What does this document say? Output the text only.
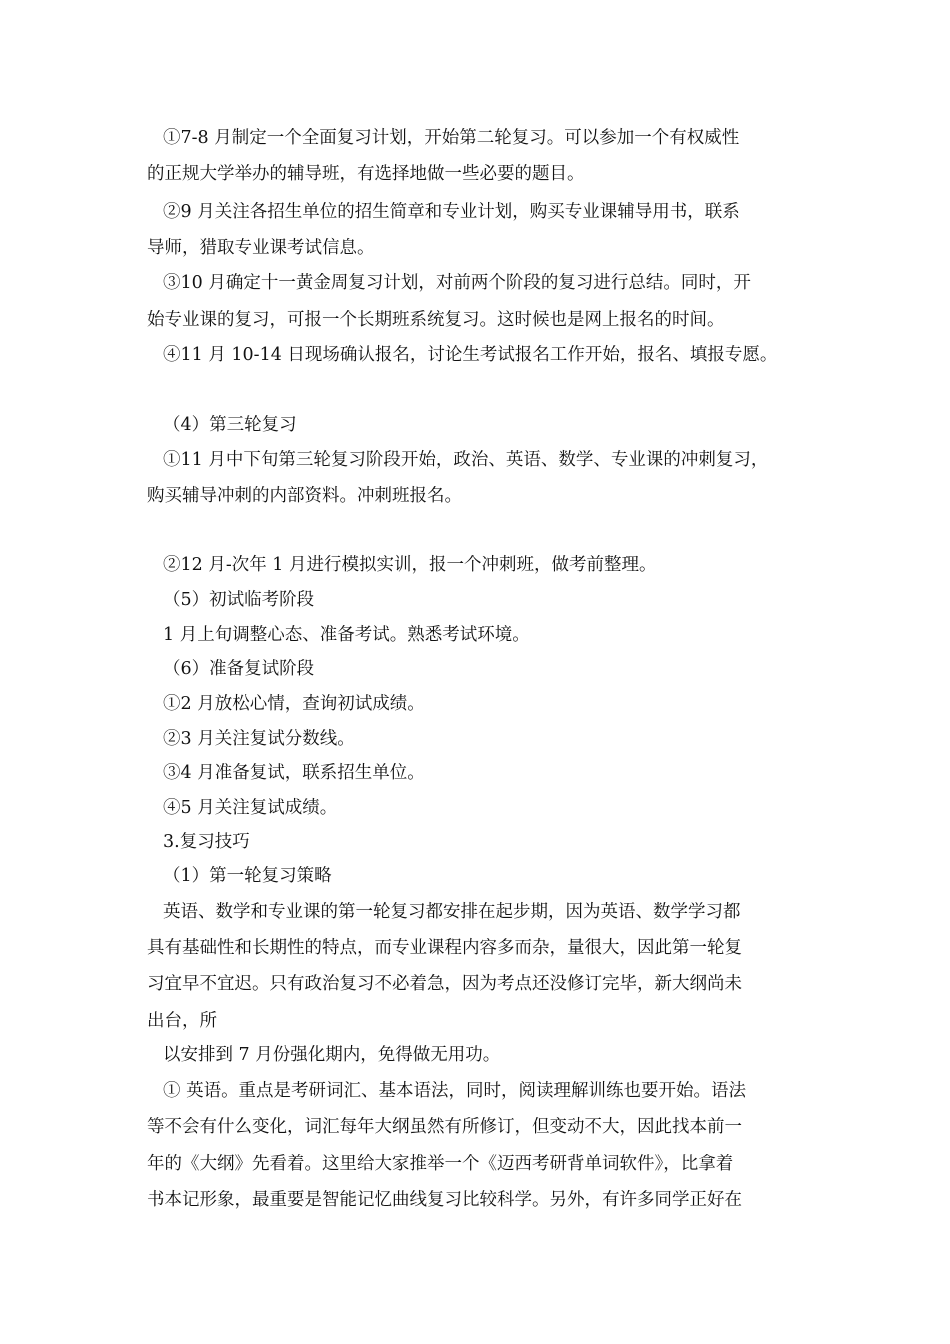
①7-8 月制定一个全面复习计划，开始第二轮复习。可以参加一个有权威性
的正规大学举办的辅导班，有选择地做一些必要的题目。
②9 月关注各招生单位的招生简章和专业计划，购买专业课辅导用书，联系
导师，猎取专业课考试信息。
③10 月确定十一黄金周复习计划，对前两个阶段的复习进行总结。同时，开
始专业课的复习，可报一个长期班系统复习。这时候也是网上报名的时间。
④11 月 10-14 日现场确认报名，讨论生考试报名工作开始，报名、填报专愿。
（4）第三轮复习
①11 月中下旬第三轮复习阶段开始，政治、英语、数学、专业课的冲刺复习，
购买辅导冲刺的内部资料。冲刺班报名。
②12 月-次年 1 月进行模拟实训，报一个冲刺班，做考前整理。
（5）初试临考阶段
1 月上旬调整心态、准备考试。熟悉考试环境。
（6）准备复试阶段
①2 月放松心情，查询初试成绩。
②3 月关注复试分数线。
③4 月准备复试，联系招生单位。
④5 月关注复试成绩。
3.复习技巧
（1）第一轮复习策略
英语、数学和专业课的第一轮复习都安排在起步期，因为英语、数学学习都
具有基础性和长期性的特点，而专业课程内容多而杂，量很大，因此第一轮复
习宜早不宜迟。只有政治复习不必着急，因为考点还没修订完毕，新大纲尚未
出台，所
以安排到 7 月份强化期内，免得做无用功。
① 英语。重点是考研词汇、基本语法，同时，阅读理解训练也要开始。语法
等不会有什么变化，词汇每年大纲虽然有所修订，但变动不大，因此找本前一
年的《大纲》先看着。这里给大家推举一个《迈西考研背单词软件》，比拿着
书本记形象，最重要是智能记忆曲线复习比较科学。另外，有许多同学正好在
